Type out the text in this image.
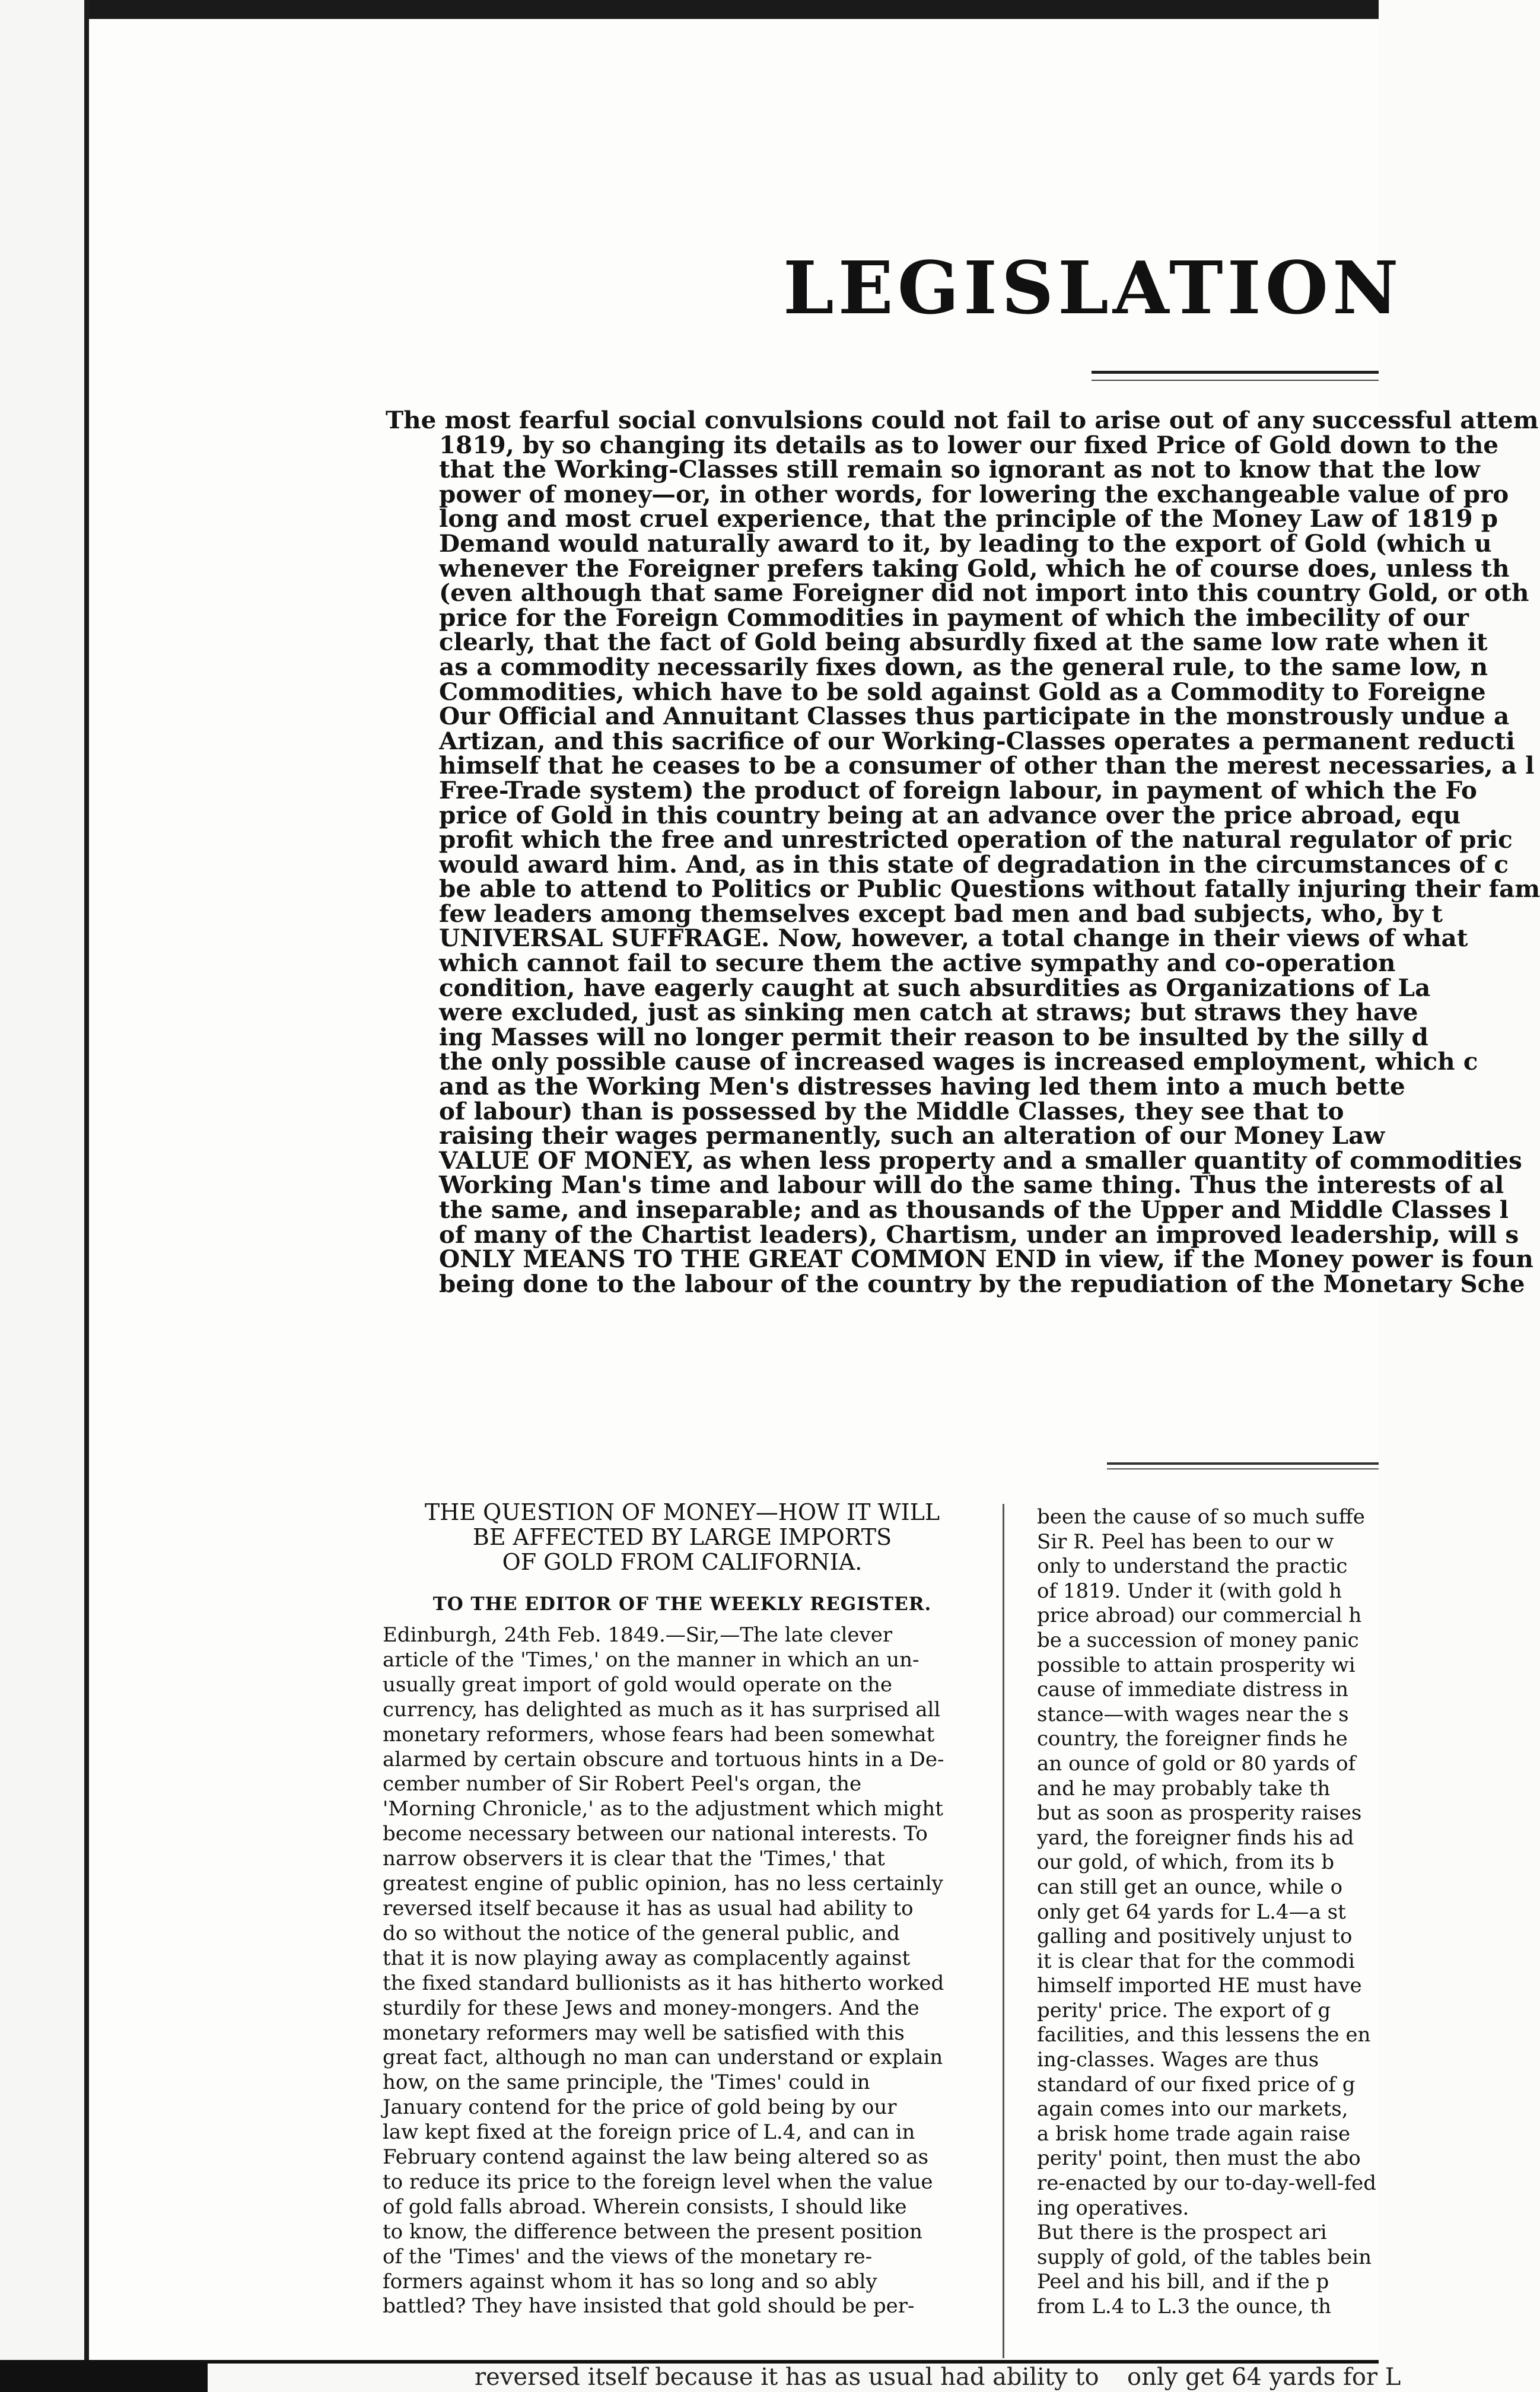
LEGISLATION
The most fearful social convulsions could not fail to arise out of any successful attem
1819, by so changing its details as to lower our fixed Price of Gold down to the
that the Working-Classes still remain so ignorant as not to know that the low
power of money—or, in other words, for lowering the exchangeable value of pro
long and most cruel experience, that the principle of the Money Law of 1819 p
Demand would naturally award to it, by leading to the export of Gold (which u
whenever the Foreigner prefers taking Gold, which he of course does, unless th
(even although that same Foreigner did not import into this country Gold, or oth
price for the Foreign Commodities in payment of which the imbecility of our
clearly, that the fact of Gold being absurdly fixed at the same low rate when it
as a commodity necessarily fixes down, as the general rule, to the same low, n
Commodities, which have to be sold against Gold as a Commodity to Foreigne
Our Official and Annuitant Classes thus participate in the monstrously undue a
Artizan, and this sacrifice of our Working-Classes operates a permanent reducti
himself that he ceases to be a consumer of other than the merest necessaries, a l
Free-Trade system) the product of foreign labour, in payment of which the Fo
price of Gold in this country being at an advance over the price abroad, equ
profit which the free and unrestricted operation of the natural regulator of pric
would award him. And, as in this state of degradation in the circumstances of c
be able to attend to Politics or Public Questions without fatally injuring their fam
few leaders among themselves except bad men and bad subjects, who, by t
UNIVERSAL SUFFRAGE. Now, however, a total change in their views of what
which cannot fail to secure them the active sympathy and co-operation
condition, have eagerly caught at such absurdities as Organizations of La
were excluded, just as sinking men catch at straws; but straws they have
ing Masses will no longer permit their reason to be insulted by the silly d
the only possible cause of increased wages is increased employment, which c
and as the Working Men's distresses having led them into a much bette
of labour) than is possessed by the Middle Classes, they see that to
raising their wages permanently, such an alteration of our Money Law
VALUE OF MONEY, as when less property and a smaller quantity of commodities
Working Man's time and labour will do the same thing. Thus the interests of al
the same, and inseparable; and as thousands of the Upper and Middle Classes l
of many of the Chartist leaders), Chartism, under an improved leadership, will s
ONLY MEANS TO THE GREAT COMMON END in view, if the Money power is foun
being done to the labour of the country by the repudiation of the Monetary Sche
THE QUESTION OF MONEY—HOW IT WILL
BE AFFECTED BY LARGE IMPORTS
OF GOLD FROM CALIFORNIA.
TO THE EDITOR OF THE WEEKLY REGISTER.
Edinburgh, 24th Feb. 1849.—Sir,—The late clever
article of the 'Times,' on the manner in which an un-
usually great import of gold would operate on the
currency, has delighted as much as it has surprised all
monetary reformers, whose fears had been somewhat
alarmed by certain obscure and tortuous hints in a De-
cember number of Sir Robert Peel's organ, the
'Morning Chronicle,' as to the adjustment which might
become necessary between our national interests. To
narrow observers it is clear that the 'Times,' that
greatest engine of public opinion, has no less certainly
reversed itself because it has as usual had ability to
do so without the notice of the general public, and
that it is now playing away as complacently against
the fixed standard bullionists as it has hitherto worked
sturdily for these Jews and money-mongers. And the
monetary reformers may well be satisfied with this
great fact, although no man can understand or explain
how, on the same principle, the 'Times' could in
January contend for the price of gold being by our
law kept fixed at the foreign price of L.4, and can in
February contend against the law being altered so as
to reduce its price to the foreign level when the value
of gold falls abroad. Wherein consists, I should like
to know, the difference between the present position
of the 'Times' and the views of the monetary re-
formers against whom it has so long and so ably
battled? They have insisted that gold should be per-
been the cause of so much suffe
Sir R. Peel has been to our w
only to understand the practic
of 1819. Under it (with gold h
price abroad) our commercial h
be a succession of money panic
possible to attain prosperity wi
cause of immediate distress in
stance—with wages near the s
country, the foreigner finds he
an ounce of gold or 80 yards of
and he may probably take th
but as soon as prosperity raises
yard, the foreigner finds his ad
our gold, of which, from its b
can still get an ounce, while o
only get 64 yards for L.4—a st
galling and positively unjust to
it is clear that for the commodi
himself imported HE must have
perity' price. The export of g
facilities, and this lessens the en
ing-classes. Wages are thus
standard of our fixed price of g
again comes into our markets,
a brisk home trade again raise
perity' point, then must the abo
re-enacted by our to-day-well-fed
ing operatives.
But there is the prospect ari
supply of gold, of the tables bein
Peel and his bill, and if the p
from L.4 to L.3 the ounce, th
reversed itself because it has as usual had ability to only get 64 yards for L
